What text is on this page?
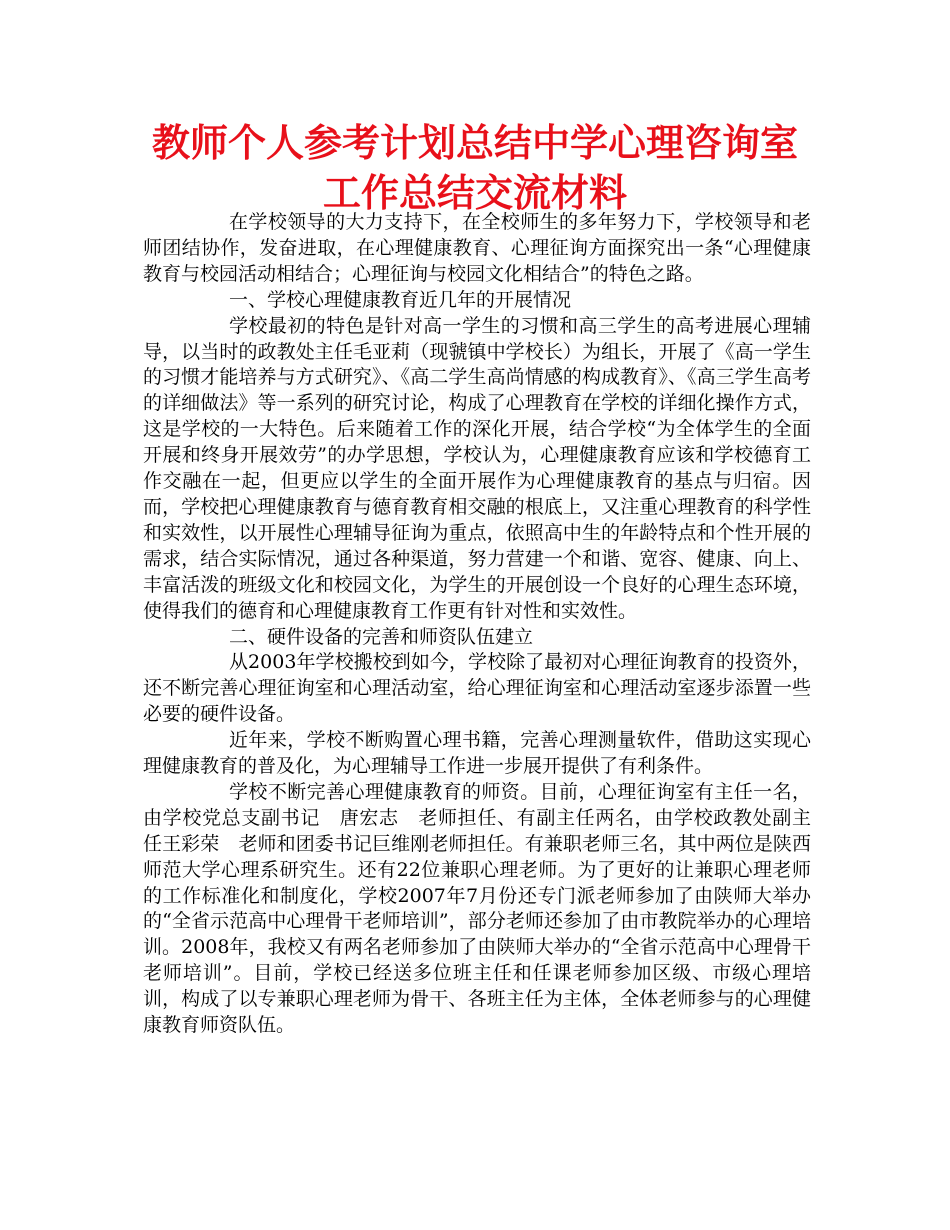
教师个人参考计划总结中学心理咨询室工作总结交流材料

在学校领导的大力支持下，在全校师生的多年努力下，学校领导和老师团结协作，发奋进取，在心理健康教育、心理征询方面探究出一条“心理健康教育与校园活动相结合；心理征询与校园文化相结合”的特色之路。

一、学校心理健康教育近几年的开展情况

学校最初的特色是针对高一学生的习惯和高三学生的高考进展心理辅导，以当时的政教处主任毛亚莉（现虢镇中学校长）为组长，开展了《高一学生的习惯才能培养与方式研究》、《高二学生高尚情感的构成教育》、《高三学生高考的详细做法》等一系列的研究讨论，构成了心理教育在学校的详细化操作方式，这是学校的一大特色。后来随着工作的深化开展，结合学校“为全体学生的全面开展和终身开展效劳”的办学思想，学校认为，心理健康教育应该和学校德育工作交融在一起，但更应以学生的全面开展作为心理健康教育的基点与归宿。因而，学校把心理健康教育与德育教育相交融的根底上，又注重心理教育的科学性和实效性，以开展性心理辅导征询为重点，依照高中生的年龄特点和个性开展的需求，结合实际情况，通过各种渠道，努力营建一个和谐、宽容、健康、向上、丰富活泼的班级文化和校园文化，为学生的开展创设一个良好的心理生态环境，使得我们的德育和心理健康教育工作更有针对性和实效性。

二、硬件设备的完善和师资队伍建立

从2003年学校搬校到如今，学校除了最初对心理征询教育的投资外，还不断完善心理征询室和心理活动室，给心理征询室和心理活动室逐步添置一些必要的硬件设备。

近年来，学校不断购置心理书籍，完善心理测量软件，借助这实现心理健康教育的普及化，为心理辅导工作进一步展开提供了有利条件。

学校不断完善心理健康教育的师资。目前，心理征询室有主任一名，由学校党总支副书记　唐宏志　老师担任、有副主任两名，由学校政教处副主　任王彩荣　老师和团委书记巨维刚老师担任。有兼职老师三名，其中两位是陕西师范大学心理系研究生。还有22位兼职心理老师。为了更好的让兼职心理老师的工作标准化和制度化，学校2007年7月份还专门派老师参加了由陕师大举办的“全省示范高中心理骨干老师培训”，部分老师还参加了由市教院举办的心理培训。2008年，我校又有两名老师参加了由陕师大举办的“全省示范高中心理骨干老师培训”。目前，学校已经送多位班主任和任课老师参加区级、市级心理培训，构成了以专兼职心理老师为骨干、各班主任为主体，全体老师参与的心理健康教育师资队伍。
